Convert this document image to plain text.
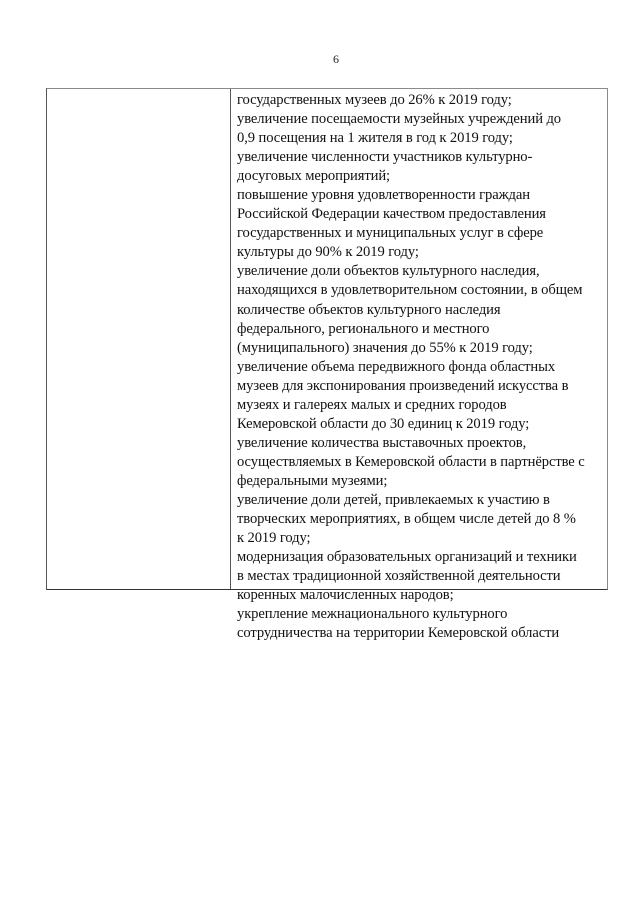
6
государственных музеев до 26% к 2019 году;
увеличение посещаемости музейных учреждений до
0,9 посещения на 1 жителя в год к 2019 году;
увеличение численности участников культурно-
досуговых мероприятий;
повышение уровня удовлетворенности граждан
Российской Федерации качеством предоставления
государственных и муниципальных услуг в сфере
культуры до 90% к 2019 году;
увеличение доли объектов культурного наследия,
находящихся в удовлетворительном состоянии, в общем
количестве объектов культурного наследия
федерального, регионального и местного
(муниципального) значения до 55% к 2019 году;
увеличение объема передвижного фонда областных
музеев для экспонирования произведений искусства в
музеях и галереях малых и средних городов
Кемеровской области до 30 единиц к 2019 году;
увеличение количества выставочных проектов,
осуществляемых в Кемеровской области в партнёрстве с
федеральными музеями;
увеличение доли детей, привлекаемых к участию в
творческих мероприятиях, в общем числе детей до 8 %
к 2019 году;
модернизация образовательных организаций и техники
в местах традиционной хозяйственной деятельности
коренных малочисленных народов;
укрепление межнационального культурного
сотрудничества на территории Кемеровской области
